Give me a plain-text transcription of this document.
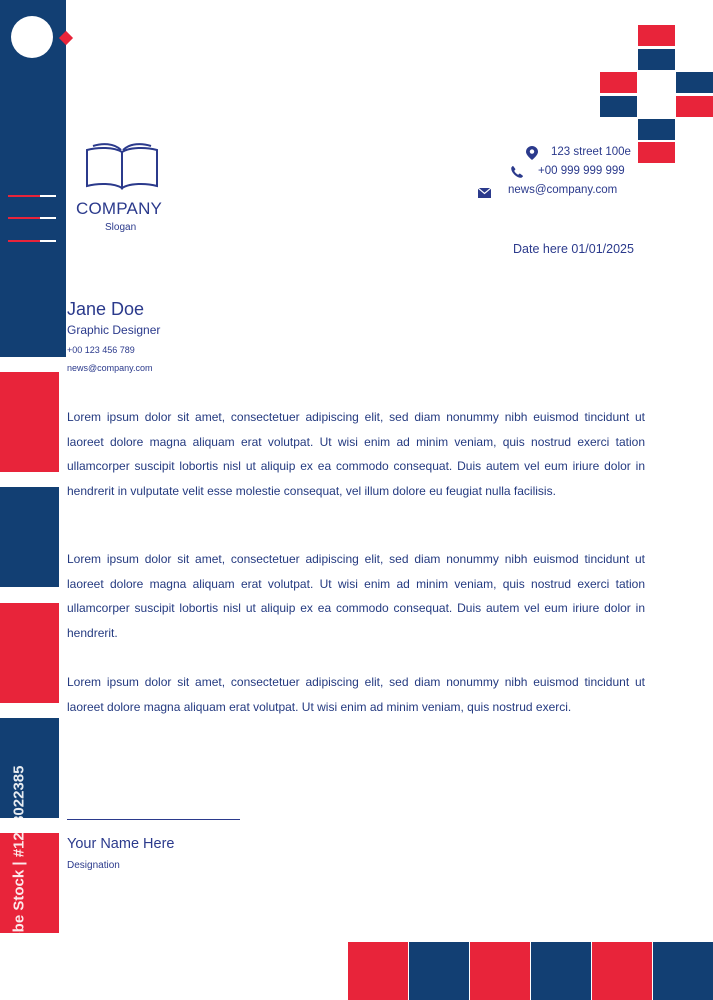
Adobe Stock | #1233022385
COMPANY
Slogan
123 street 100e
+00 999 999 999
news@company.com
Date here 01/01/2025
Jane Doe
Graphic Designer
+00 123 456 789
news@company.com

Lorem ipsum dolor sit amet, consectetuer adipiscing elit, sed diam nonummy nibh euismod tincidunt ut laoreet dolore magna aliquam erat volutpat. Ut wisi enim ad minim veniam, quis nostrud exerci tation ullamcorper suscipit lobortis nisl ut aliquip ex ea commodo consequat. Duis autem vel eum iriure dolor in hendrerit in vulputate velit esse molestie consequat, vel illum dolore eu feugiat nulla facilisis.

Lorem ipsum dolor sit amet, consectetuer adipiscing elit, sed diam nonummy nibh euismod tincidunt ut laoreet dolore magna aliquam erat volutpat. Ut wisi enim ad minim veniam, quis nostrud exerci tation ullamcorper suscipit lobortis nisl ut aliquip ex ea commodo consequat. Duis autem vel eum iriure dolor in hendrerit.

Lorem ipsum dolor sit amet, consectetuer adipiscing elit, sed diam nonummy nibh euismod tincidunt ut laoreet dolore magna aliquam erat volutpat. Ut wisi enim ad minim veniam, quis nostrud exerci.

Your Name Here
Designation
